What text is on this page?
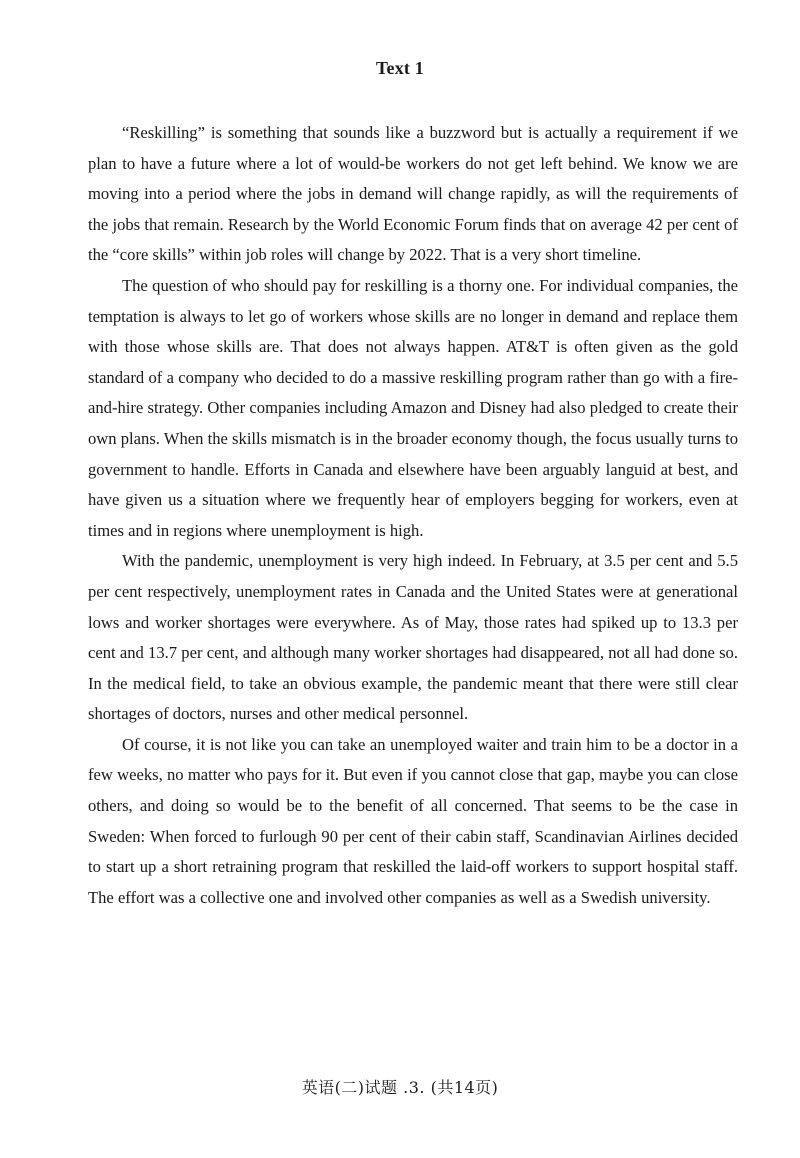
Text 1

“Reskilling” is something that sounds like a buzzword but is actually a requirement if we plan to have a future where a lot of would-be workers do not get left behind. We know we are moving into a period where the jobs in demand will change rapidly, as will the requirements of the jobs that remain. Research by the World Economic Forum finds that on average 42 per cent of the “core skills” within job roles will change by 2022. That is a very short timeline.

The question of who should pay for reskilling is a thorny one. For individual companies, the temptation is always to let go of workers whose skills are no longer in demand and replace them with those whose skills are. That does not always happen. AT&T is often given as the gold standard of a company who decided to do a massive reskilling program rather than go with a fire-and-hire strategy. Other companies including Amazon and Disney had also pledged to create their own plans. When the skills mismatch is in the broader economy though, the focus usually turns to government to handle. Efforts in Canada and elsewhere have been arguably languid at best, and have given us a situation where we frequently hear of employers begging for workers, even at times and in regions where unemployment is high.

With the pandemic, unemployment is very high indeed. In February, at 3.5 per cent and 5.5 per cent respectively, unemployment rates in Canada and the United States were at generational lows and worker shortages were everywhere. As of May, those rates had spiked up to 13.3 per cent and 13.7 per cent, and although many worker shortages had disappeared, not all had done so. In the medical field, to take an obvious example, the pandemic meant that there were still clear shortages of doctors, nurses and other medical personnel.

Of course, it is not like you can take an unemployed waiter and train him to be a doctor in a few weeks, no matter who pays for it. But even if you cannot close that gap, maybe you can close others, and doing so would be to the benefit of all concerned. That seems to be the case in Sweden: When forced to furlough 90 per cent of their cabin staff, Scandinavian Airlines decided to start up a short retraining program that reskilled the laid-off workers to support hospital staff. The effort was a collective one and involved other companies as well as a Swedish university.

英语(二)试题 .3. (共14页)
